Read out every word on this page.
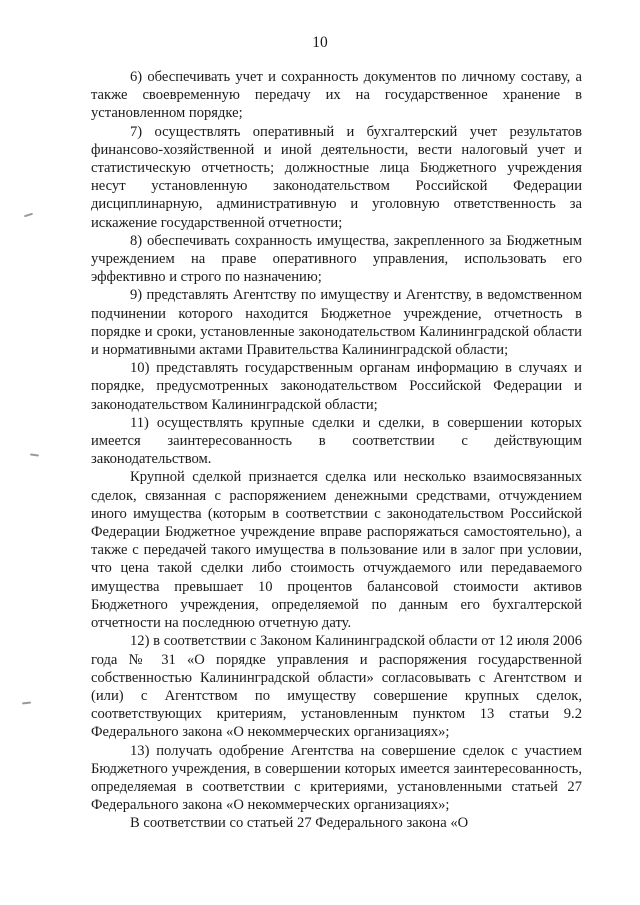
10

6) обеспечивать учет и сохранность документов по личному составу, а также своевременную передачу их на государственное хранение в установленном порядке;

7) осуществлять оперативный и бухгалтерский учет результатов финансово-хозяйственной и иной деятельности, вести налоговый учет и статистическую отчетность; должностные лица Бюджетного учреждения несут установленную законодательством Российской Федерации дисциплинарную, административную и уголовную ответственность за искажение государственной отчетности;

8) обеспечивать сохранность имущества, закрепленного за Бюджетным учреждением на праве оперативного управления, использовать его эффективно и строго по назначению;

9) представлять Агентству по имуществу и Агентству, в ведомственном подчинении которого находится Бюджетное учреждение, отчетность в порядке и сроки, установленные законодательством Калининградской области и нормативными актами Правительства Калининградской области;

10) представлять государственным органам информацию в случаях и порядке, предусмотренных законодательством Российской Федерации и законодательством Калининградской области;

11) осуществлять крупные сделки и сделки, в совершении которых имеется заинтересованность в соответствии с действующим законодательством.

Крупной сделкой признается сделка или несколько взаимосвязанных сделок, связанная с распоряжением денежными средствами, отчуждением иного имущества (которым в соответствии с законодательством Российской Федерации Бюджетное учреждение вправе распоряжаться самостоятельно), а также с передачей такого имущества в пользование или в залог при условии, что цена такой сделки либо стоимость отчуждаемого или передаваемого имущества превышает 10 процентов балансовой стоимости активов Бюджетного учреждения, определяемой по данным его бухгалтерской отчетности на последнюю отчетную дату.

12) в соответствии с Законом Калининградской области от 12 июля 2006 года № 31 «О порядке управления и распоряжения государственной собственностью Калининградской области» согласовывать с Агентством и (или) с Агентством по имуществу совершение крупных сделок, соответствующих критериям, установленным пунктом 13 статьи 9.2 Федерального закона «О некоммерческих организациях»;

13) получать одобрение Агентства на совершение сделок с участием Бюджетного учреждения, в совершении которых имеется заинтересованность, определяемая в соответствии с критериями, установленными статьей 27 Федерального закона «О некоммерческих организациях»;

В соответствии со статьей 27 Федерального закона «О
